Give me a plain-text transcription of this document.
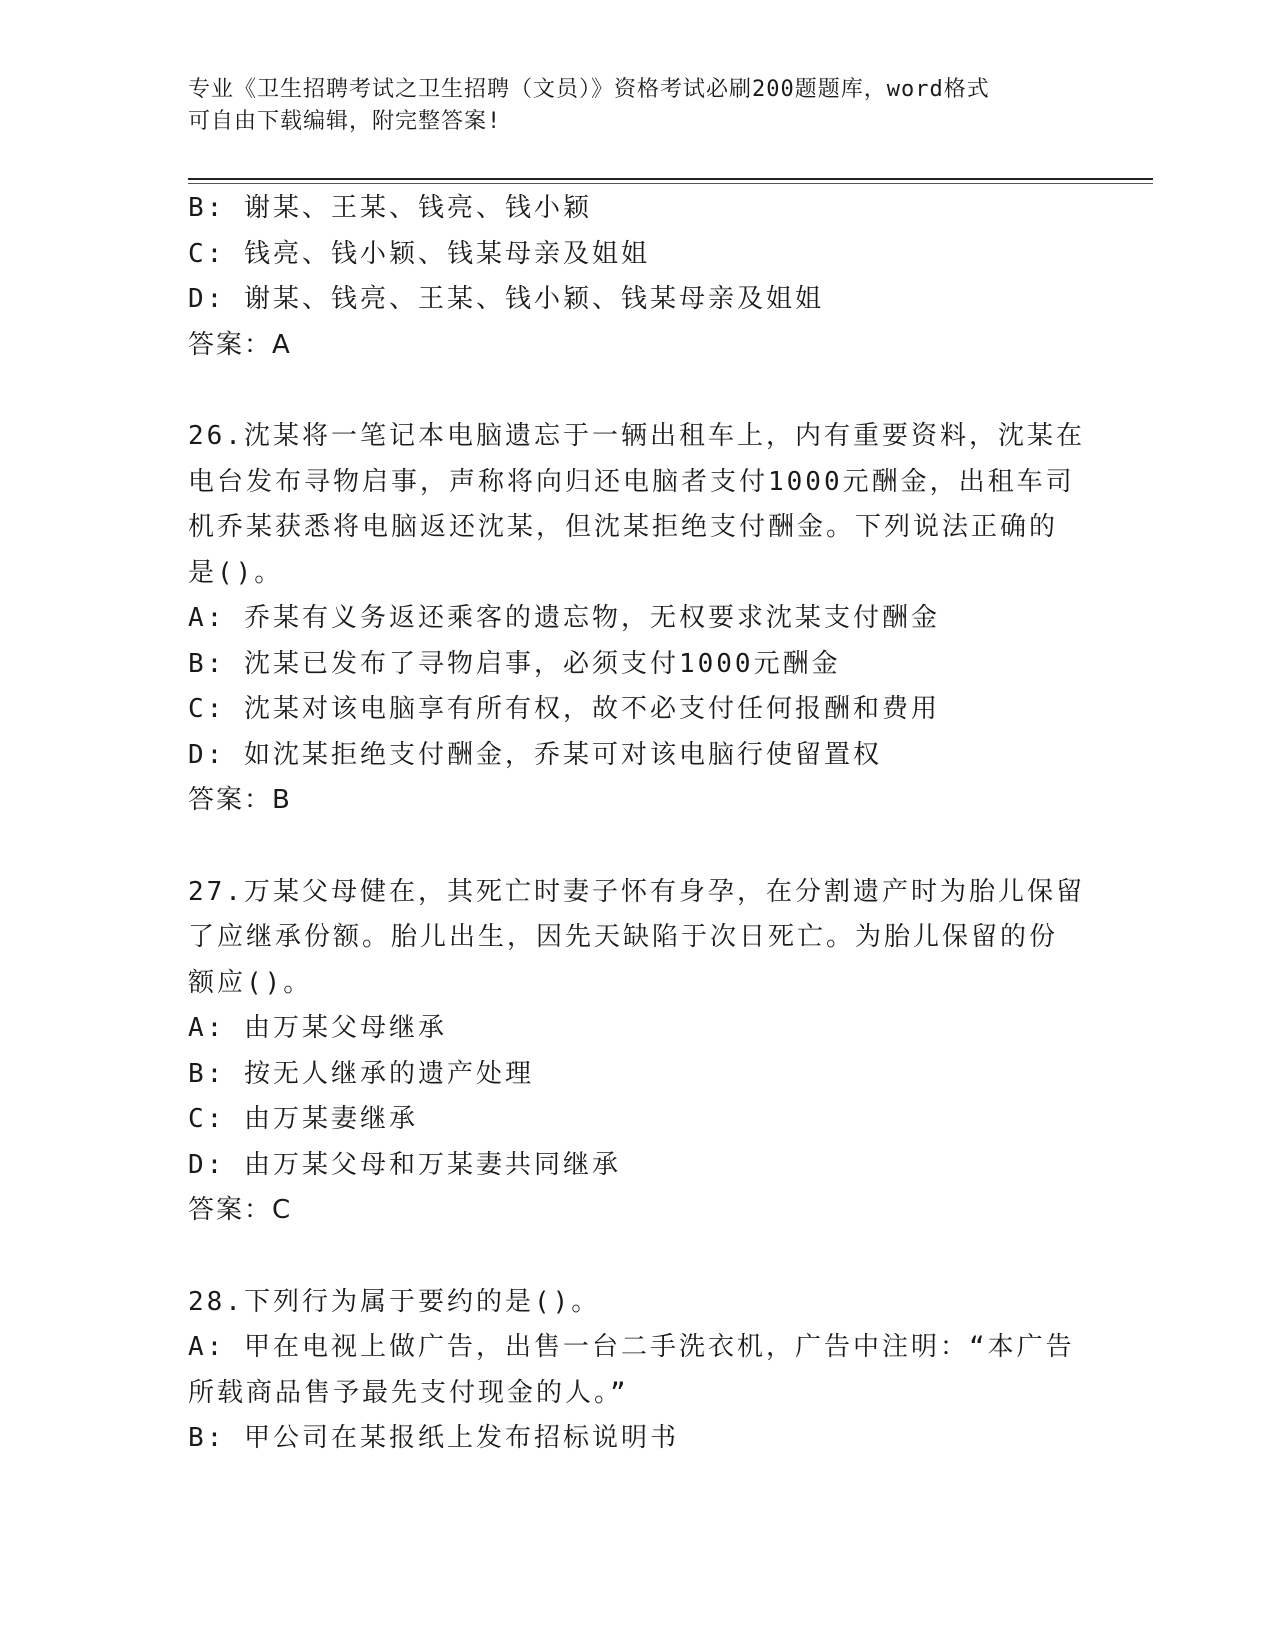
专业《卫生招聘考试之卫生招聘（文员）》资格考试必刷200题题库，word格式
可自由下载编辑，附完整答案!
B: 谢某、王某、钱亮、钱小颖
C: 钱亮、钱小颖、钱某母亲及姐姐
D: 谢某、钱亮、王某、钱小颖、钱某母亲及姐姐
答案：A
26.沈某将一笔记本电脑遗忘于一辆出租车上，内有重要资料，沈某在
电台发布寻物启事，声称将向归还电脑者支付1000元酬金，出租车司
机乔某获悉将电脑返还沈某，但沈某拒绝支付酬金。下列说法正确的
是()。
A: 乔某有义务返还乘客的遗忘物，无权要求沈某支付酬金
B: 沈某已发布了寻物启事，必须支付1000元酬金
C: 沈某对该电脑享有所有权，故不必支付任何报酬和费用
D: 如沈某拒绝支付酬金，乔某可对该电脑行使留置权
答案：B
27.万某父母健在，其死亡时妻子怀有身孕，在分割遗产时为胎儿保留
了应继承份额。胎儿出生，因先天缺陷于次日死亡。为胎儿保留的份
额应()。
A: 由万某父母继承
B: 按无人继承的遗产处理
C: 由万某妻继承
D: 由万某父母和万某妻共同继承
答案：C
28.下列行为属于要约的是()。
A: 甲在电视上做广告，出售一台二手洗衣机，广告中注明：“本广告
所载商品售予最先支付现金的人。”
B: 甲公司在某报纸上发布招标说明书
